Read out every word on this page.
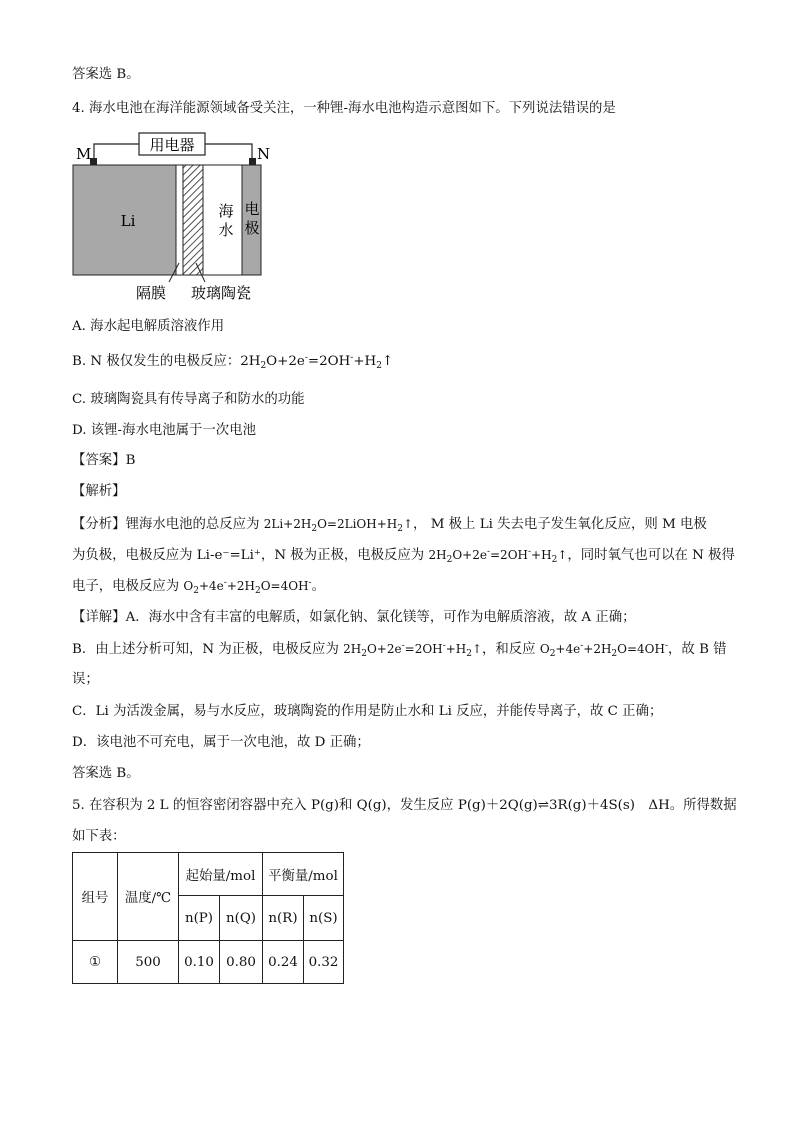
答案选 B。
4. 海水电池在海洋能源领域备受关注，一种锂-海水电池构造示意图如下。下列说法错误的是
用电器
M	N
Li
海
水
电
极
隔膜 玻璃陶瓷
A. 海水起电解质溶液作用
B. N 极仅发生的电极反应：$2H_2O+2e^-=2OH^-+H_2↑$
C. 玻璃陶瓷具有传导离子和防水的功能
D. 该锂-海水电池属于一次电池
【答案】B
【解析】
【分析】锂海水电池的总反应为 $2Li+2H_2O=2LiOH+H_2↑$， M 极上 Li 失去电子发生氧化反应，则 M 电极
为负极，电极反应为 Li-e⁻=Li⁺，N 极为正极，电极反应为 $2H_2O+2e^-=2OH^-+H_2↑$，同时氧气也可以在 N 极得
电子，电极反应为 $O_2+4e^-+2H_2O=4OH^-$。
【详解】A．海水中含有丰富的电解质，如氯化钠、氯化镁等，可作为电解质溶液，故 A 正确；
B．由上述分析可知，N 为正极，电极反应为 $2H_2O+2e^-=2OH^-+H_2↑$，和反应 $O_2+4e^-+2H_2O=4OH^-$，故 B 错
误；
C．Li 为活泼金属，易与水反应，玻璃陶瓷的作用是防止水和 Li 反应，并能传导离子，故 C 正确；
D．该电池不可充电，属于一次电池，故 D 正确；
答案选 B。
5. 在容积为 2 L 的恒容密闭容器中充入 P(g)和 Q(g)，发生反应 P(g)＋2Q(g)⇌3R(g)＋4S(s)　ΔH。所得数据
如下表：
组号	温度/℃	起始量/mol		平衡量/mol	
		n(P)	n(Q)	n(R)	n(S)
①	500	0.10	0.80	0.24	0.32
